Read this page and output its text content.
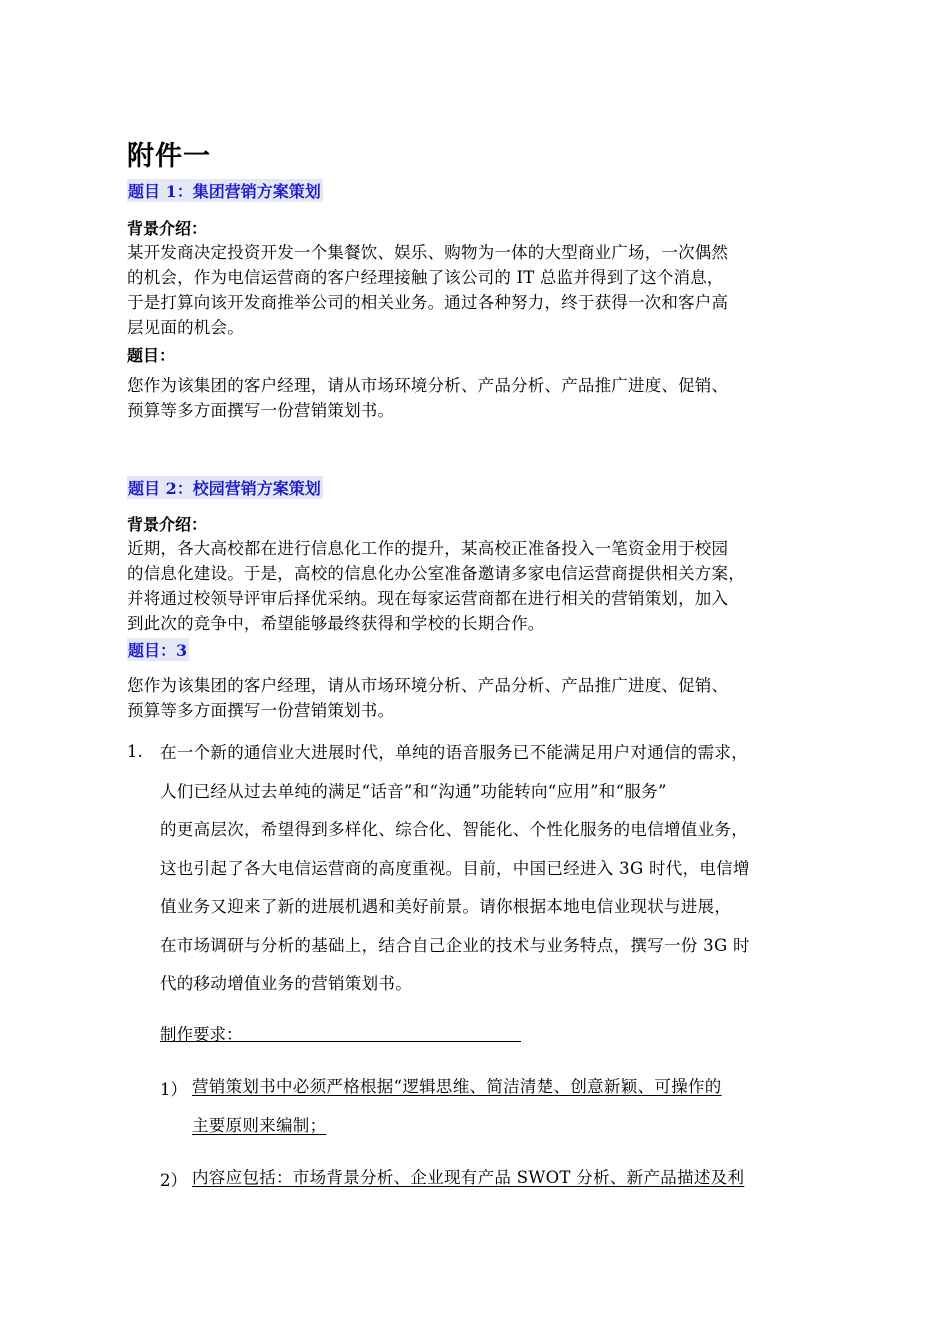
附件一
题目 1：集团营销方案策划
背景介绍：
某开发商决定投资开发一个集餐饮、娱乐、购物为一体的大型商业广场，一次偶然
的机会，作为电信运营商的客户经理接触了该公司的 IT 总监并得到了这个消息，
于是打算向该开发商推举公司的相关业务。通过各种努力，终于获得一次和客户高
层见面的机会。
题目：
您作为该集团的客户经理，请从市场环境分析、产品分析、产品推广进度、促销、
预算等多方面撰写一份营销策划书。
题目 2：校园营销方案策划
背景介绍：
近期，各大高校都在进行信息化工作的提升，某高校正准备投入一笔资金用于校园
的信息化建设。于是，高校的信息化办公室准备邀请多家电信运营商提供相关方案，
并将通过校领导评审后择优采纳。现在每家运营商都在进行相关的营销策划，加入
到此次的竞争中，希望能够最终获得和学校的长期合作。
题目：3
您作为该集团的客户经理，请从市场环境分析、产品分析、产品推广进度、促销、
预算等多方面撰写一份营销策划书。
1. 在一个新的通信业大进展时代，单纯的语音服务已不能满足用户对通信的需求，
人们已经从过去单纯的满足“话音”和“沟通”功能转向“应用”和“服务”
的更高层次，希望得到多样化、综合化、智能化、个性化服务的电信增值业务，
这也引起了各大电信运营商的高度重视。目前，中国已经进入 3G 时代，电信增
值业务又迎来了新的进展机遇和美好前景。请你根据本地电信业现状与进展，
在市场调研与分析的基础上，结合自己企业的技术与业务特点，撰写一份 3G 时
代的移动增值业务的营销策划书。
制作要求：
1） 营销策划书中必须严格根据“逻辑思维、简洁清楚、创意新颖、可操作的
主要原则来编制；
2） 内容应包括：市场背景分析、企业现有产品 SWOT 分析、新产品描述及利
